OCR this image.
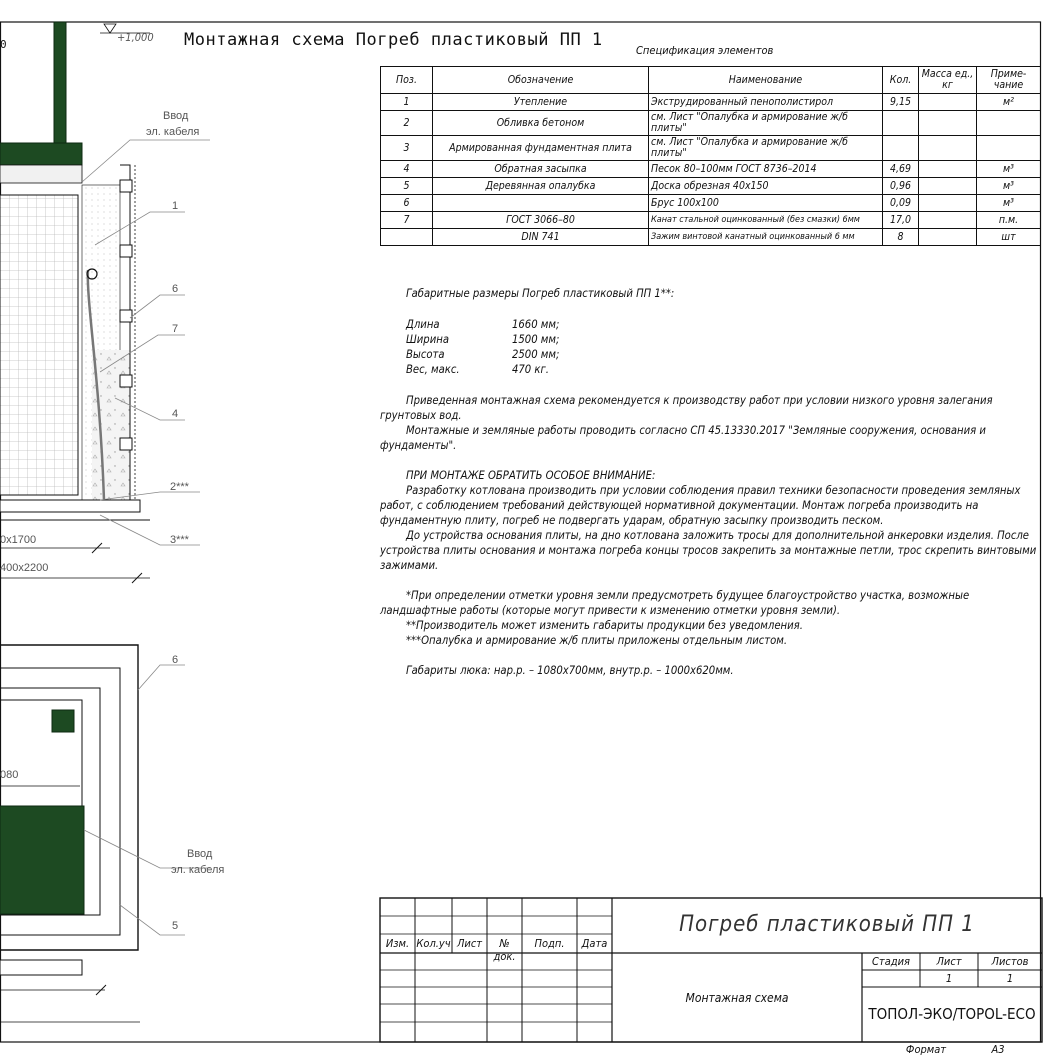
0
+1,000
Ввод
эл. кабеля
1
6
7
4
2***
3***
0x1700
400x2200
6
080
Ввод
эл. кабеля
5
Монтажная схема Погреб пластиковый ПП 1
Спецификация элементов
Поз.	Обозначение	Наименование	Кол.	Масса ед., кг	Приме-чание
1	Утепление	Экструдированный пенополистирол	9,15		м²
2	Обливка бетоном	см. Лист "Опалубка и армирование ж/б плиты"			
3	Армированная фундаментная плита	см. Лист "Опалубка и армирование ж/б плиты"			
4	Обратная засыпка	Песок 80–100мм ГОСТ 8736–2014	4,69		м³
5	Деревянная опалубка	Доска обрезная 40х150	0,96		м³
6		Брус 100х100	0,09		м³
7	ГОСТ 3066–80	Канат стальной оцинкованный (без смазки) 6мм	17,0		п.м.
	DIN 741	Зажим винтовой канатный оцинкованный 6 мм	8		шт

Габаритные размеры Погреб пластиковый ПП 1**:

Длина	1660 мм;
Ширина	1500 мм;
Высота	2500 мм;
Вес, макс.	470 кг.

Приведенная монтажная схема рекомендуется к производству работ при условии низкого уровня залегания грунтовых вод.

Монтажные и земляные работы проводить согласно СП 45.13330.2017 "Земляные сооружения, основания и фундаменты".

ПРИ МОНТАЖЕ ОБРАТИТЬ ОСОБОЕ ВНИМАНИЕ:

Разработку котлована производить при условии соблюдения правил техники безопасности проведения земляных работ, с соблюдением требований действующей нормативной документации. Монтаж погреба производить на фундаментную плиту, погреб не подвергать ударам, обратную засыпку производить песком.

До устройства основания плиты, на дно котлована заложить тросы для дополнительной анкеровки изделия. После устройства плиты основания и монтажа погреба концы тросов закрепить за монтажные петли, трос скрепить винтовыми зажимами.

*При определении отметки уровня земли предусмотреть будущее благоустройство участка, возможные ландшафтные работы (которые могут привести к изменению отметки уровня земли).

**Производитель может изменить габариты продукции без уведомления.

***Опалубка и армирование ж/б плиты приложены отдельным листом.

Габариты люка: нар.р. – 1080х700мм, внутр.р. – 1000х620мм.

Изм. Кол.уч Лист	№ док.
Подп.	Дата
Погреб пластиковый ПП 1
Монтажная схема
Стадия	Лист	Листов
1	1
ТОПОЛ-ЭКО/TOPOL-ECO
Формат	А3
